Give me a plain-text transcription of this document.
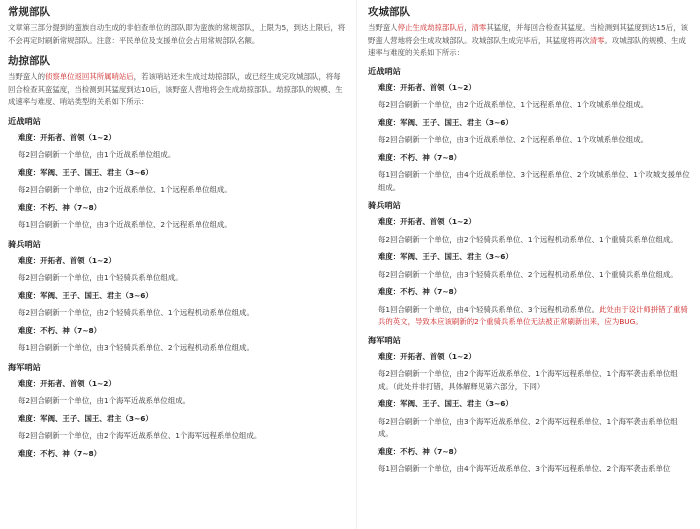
常规部队

文章第三部分提到的蛮族自动生成的非伯查单位的部队即为蛮族的常规部队，上限为5，到达上限后，将不会再定时刷新常规部队。注意：平民单位及支援单位会占用常规部队名额。

劫掠部队

当野蛮人的侦察单位返回其所属哨站后，若该哨站还未生成过劫掠部队，或已经生成完攻城部队，将每回合检查其蛮猛度，当检测到其猛度到达10后，该野蛮人营地将会生成劫掠部队。劫掠部队的规模、生成速率与难度、哨站类型的关系如下所示：

近战哨站

难度：开拓者、首领（1~2）

每2回合刷新一个单位，由1个近战系单位组成。

难度：军阀、王子、国王、君主（3~6）

每2回合刷新一个单位，由2个近战系单位、1个远程系单位组成。

难度：不朽、神（7~8）

每1回合刷新一个单位，由3个近战系单位、2个远程系单位组成。

骑兵哨站

难度：开拓者、首领（1~2）

每2回合刷新一个单位，由1个轻骑兵系单位组成。

难度：军阀、王子、国王、君主（3~6）

每2回合刷新一个单位，由2个轻骑兵系单位、1个远程机动系单位组成。

难度：不朽、神（7~8）

每1回合刷新一个单位，由3个轻骑兵系单位、2个远程机动系单位组成。

海军哨站

难度：开拓者、首领（1~2）

每2回合刷新一个单位，由1个海军近战系单位组成。

难度：军阀、王子、国王、君主（3~6）

每2回合刷新一个单位，由2个海军近战系单位、1个海军远程系单位组成。

难度：不朽、神（7~8）

攻城部队

当野蛮人停止生成劫掠部队后，清零其猛度，并每回合检查其猛度。当检测到其猛度到达15后，该野蛮人营地将会生成攻城部队。攻城部队生成完毕后，其猛度将再次清零。攻城部队的规模、生成速率与难度的关系如下所示：

近战哨站

难度：开拓者、首领（1~2）

每2回合刷新一个单位，由2个近战系单位、1个远程系单位、1个攻城系单位组成。

难度：军阀、王子、国王、君主（3~6）

每2回合刷新一个单位，由3个近战系单位、2个远程系单位、1个攻城系单位组成。

难度：不朽、神（7~8）

每1回合刷新一个单位，由4个近战系单位、3个远程系单位、2个攻城系单位、1个攻城支援单位组成。

骑兵哨站

难度：开拓者、首领（1~2）

每2回合刷新一个单位，由2个轻骑兵系单位、1个远程机动系单位、1个重骑兵系单位组成。

难度：军阀、王子、国王、君主（3~6）

每2回合刷新一个单位，由3个轻骑兵系单位、2个远程机动系单位、1个重骑兵系单位组成。

难度：不朽、神（7~8）

每1回合刷新一个单位，由4个轻骑兵系单位、3个远程机动系单位。此处由于设计师拼错了重骑兵的英文，导致本应该刷新的2个重骑兵系单位无法被正常刷新出来，应为BUG。

海军哨站

难度：开拓者、首领（1~2）

每2回合刷新一个单位，由2个海军近战系单位、1个海军远程系单位、1个海军袭击系单位组成。（此处并非打错，具体解释见第六部分，下同）

难度：军阀、王子、国王、君主（3~6）

每2回合刷新一个单位，由3个海军近战系单位、2个海军远程系单位、1个海军袭击系单位组成。

难度：不朽、神（7~8）

每1回合刷新一个单位，由4个海军近战系单位、3个海军远程系单位、2个海军袭击系单位
